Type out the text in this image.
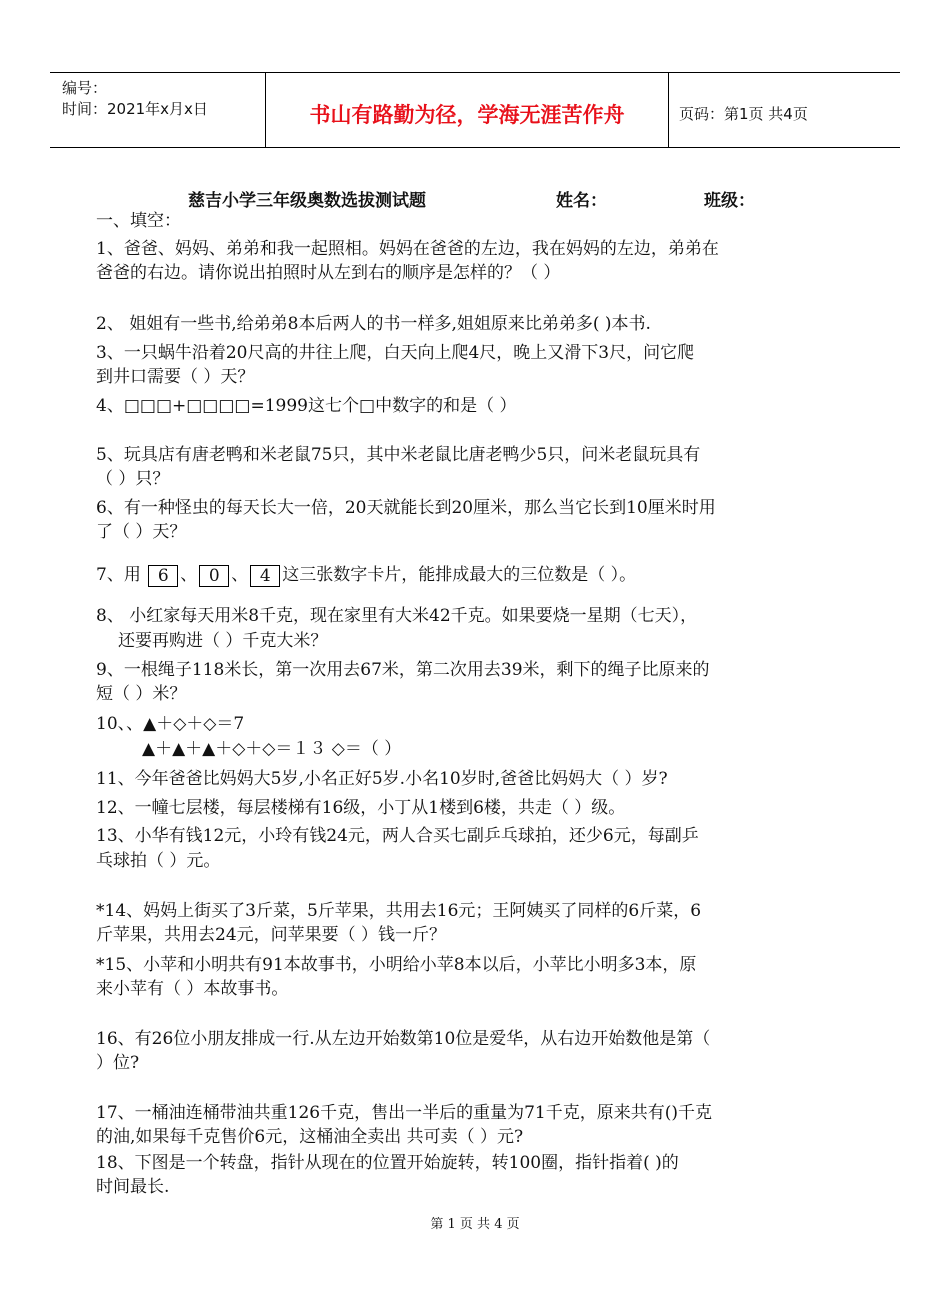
编号：
时间：2021年x月x日	书山有路勤为径，学海无涯苦作舟	页码：第1页 共4页
慈吉小学三年级奥数选拔测试题	姓名：	班级：
一、填空：
1、爸爸、妈妈、弟弟和我一起照相。妈妈在爸爸的左边，我在妈妈的左边，弟弟在
爸爸的右边。请你说出拍照时从左到右的顺序是怎样的？（ ）
2、 姐姐有一些书,给弟弟8本后两人的书一样多,姐姐原来比弟弟多( )本书.
3、一只蜗牛沿着20尺高的井往上爬，白天向上爬4尺，晚上又滑下3尺，问它爬
到井口需要（ ）天？
4、□□□+□□□□=1999这七个□中数字的和是（ ）
5、玩具店有唐老鸭和米老鼠75只，其中米老鼠比唐老鸭少5只，问米老鼠玩具有
（ ）只？
6、有一种怪虫的每天长大一倍，20天就能长到20厘米，那么当它长到10厘米时用
了（ ）天？
7、用 6 、 0 、 4 这三张数字卡片，能排成最大的三位数是（ ）。
8、 小红家每天用米8千克，现在家里有大米42千克。如果要烧一星期（七天），
还要再购进（ ）千克大米？
9、一根绳子118米长，第一次用去67米，第二次用去39米，剩下的绳子比原来的
短（ ）米？
10、、▲＋◇＋◇＝7
▲＋▲＋▲＋◇＋◇＝１３ ◇＝（ ）
11、今年爸爸比妈妈大5岁,小名正好5岁.小名10岁时,爸爸比妈妈大（ ）岁?
12、一幢七层楼，每层楼梯有16级，小丁从1楼到6楼，共走（ ）级。
13、小华有钱12元，小玲有钱24元，两人合买七副乒乓球拍，还少6元，每副乒
乓球拍（ ）元。
*14、妈妈上街买了3斤菜，5斤苹果，共用去16元；王阿姨买了同样的6斤菜，6
斤苹果，共用去24元，问苹果要（ ）钱一斤？
*15、小苹和小明共有91本故事书，小明给小苹8本以后，小苹比小明多3本，原
来小苹有（ ）本故事书。
16、有26位小朋友排成一行.从左边开始数第10位是爱华，从右边开始数他是第（
）位?
17、一桶油连桶带油共重126千克，售出一半后的重量为71千克，原来共有()千克
的油,如果每千克售价6元，这桶油全卖出 共可卖（ ）元?
18、下图是一个转盘，指针从现在的位置开始旋转，转100圈，指针指着( )的
时间最长.
第 1 页 共 4 页
